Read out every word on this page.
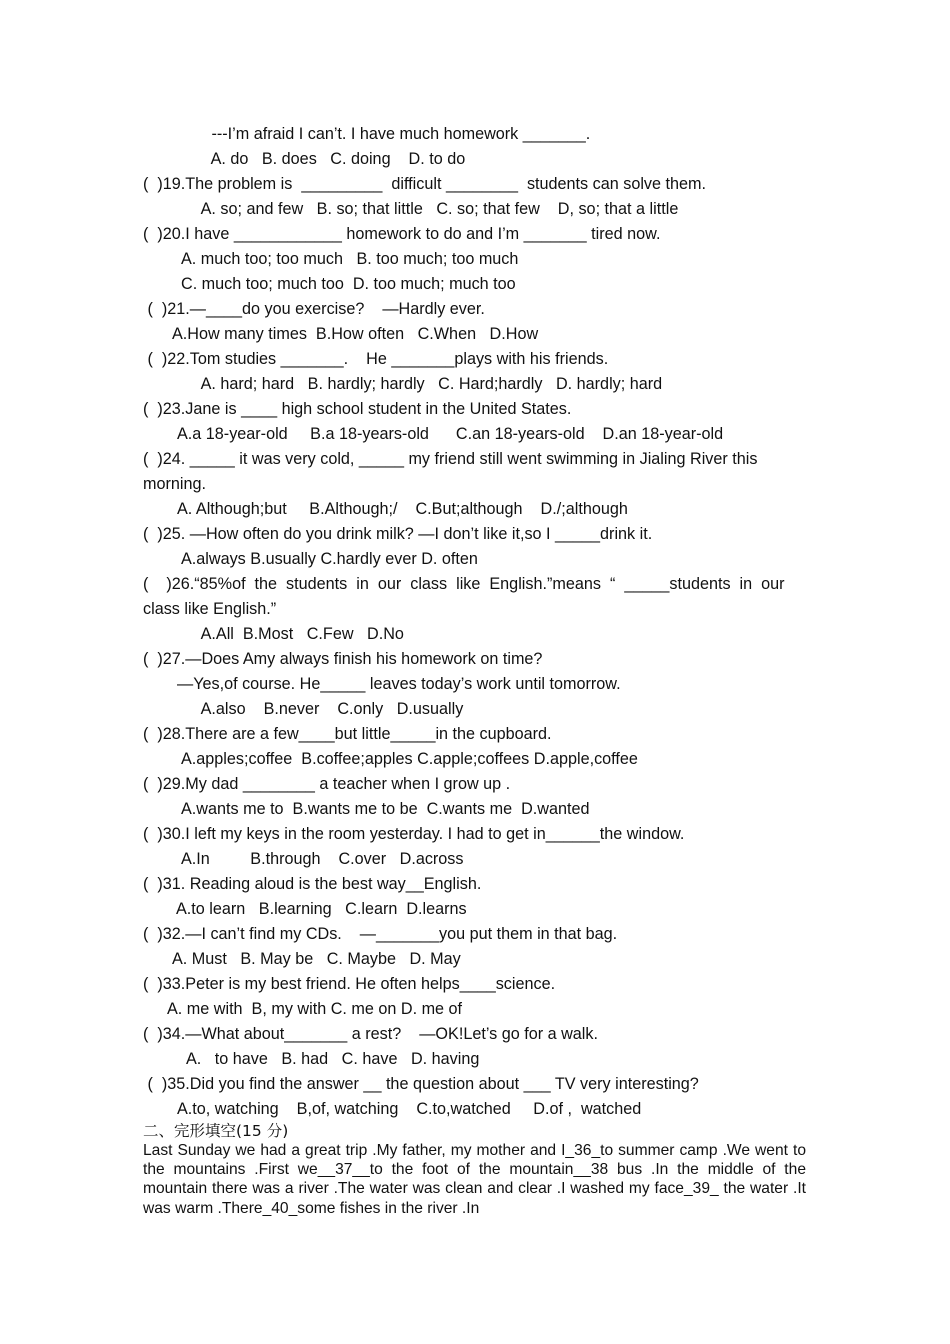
---I’m afraid I can’t. I have much homework _______.
A. do   B. does   C. doing    D. to do
(  )19.The problem is  _________  difficult ________  students can solve them.
A. so; and few   B. so; that little   C. so; that few    D, so; that a little
(  )20.I have ____________ homework to do and I’m _______ tired now.
A. much too; too much   B. too much; too much
C. much too; much too  D. too much; much too
(  )21.—____do you exercise?    —Hardly ever.
A.How many times  B.How often   C.When   D.How
(  )22.Tom studies _______.    He _______plays with his friends.
A. hard; hard   B. hardly; hardly   C. Hard;hardly   D. hardly; hard
(  )23.Jane is ____ high school student in the United States.
A.a 18-year-old     B.a 18-years-old      C.an 18-years-old    D.an 18-year-old
(  )24. _____ it was very cold, _____ my friend still went swimming in Jialing River this
morning.
A. Although;but     B.Although;/    C.But;although    D./;although
(  )25. —How often do you drink milk? —I don’t like it,so I _____drink it.
A.always B.usually C.hardly ever D. often
(    )26.“85%of  the  students  in  our  class  like  English.”means  “  _____students  in  our
class like English.”
A.All  B.Most   C.Few   D.No
(  )27.—Does Amy always finish his homework on time?
—Yes,of course. He_____ leaves today’s work until tomorrow.
A.also    B.never    C.only   D.usually
(  )28.There are a few____but little_____in the cupboard.
A.apples;coffee  B.coffee;apples C.apple;coffees D.apple,coffee
(  )29.My dad ________ a teacher when I grow up .
A.wants me to  B.wants me to be  C.wants me  D.wanted
(  )30.I left my keys in the room yesterday. I had to get in______the window.
A.In         B.through    C.over   D.across
(  )31. Reading aloud is the best way__English.
A.to learn   B.learning   C.learn  D.learns
(  )32.—I can’t find my CDs.    —_______you put them in that bag.
A. Must   B. May be   C. Maybe   D. May
(  )33.Peter is my best friend. He often helps____science.
A. me with  B, my with C. me on D. me of
(  )34.—What about_______ a rest?    —OK!Let’s go for a walk.
A.   to have   B. had   C. have   D. having
(  )35.Did you find the answer __ the question about ___ TV very interesting?
A.to, watching    B,of, watching    C.to,watched     D.of ,  watched
二、完形填空(15 分)

Last Sunday we had a great trip .My father, my mother and I_36_to summer camp .We went to the mountains .First we__37__to the foot of the mountain__38 bus .In the middle of the mountain there was a river .The water was clean and clear .I washed my face_39_ the water .It was warm .There_40_some fishes in the river .In
